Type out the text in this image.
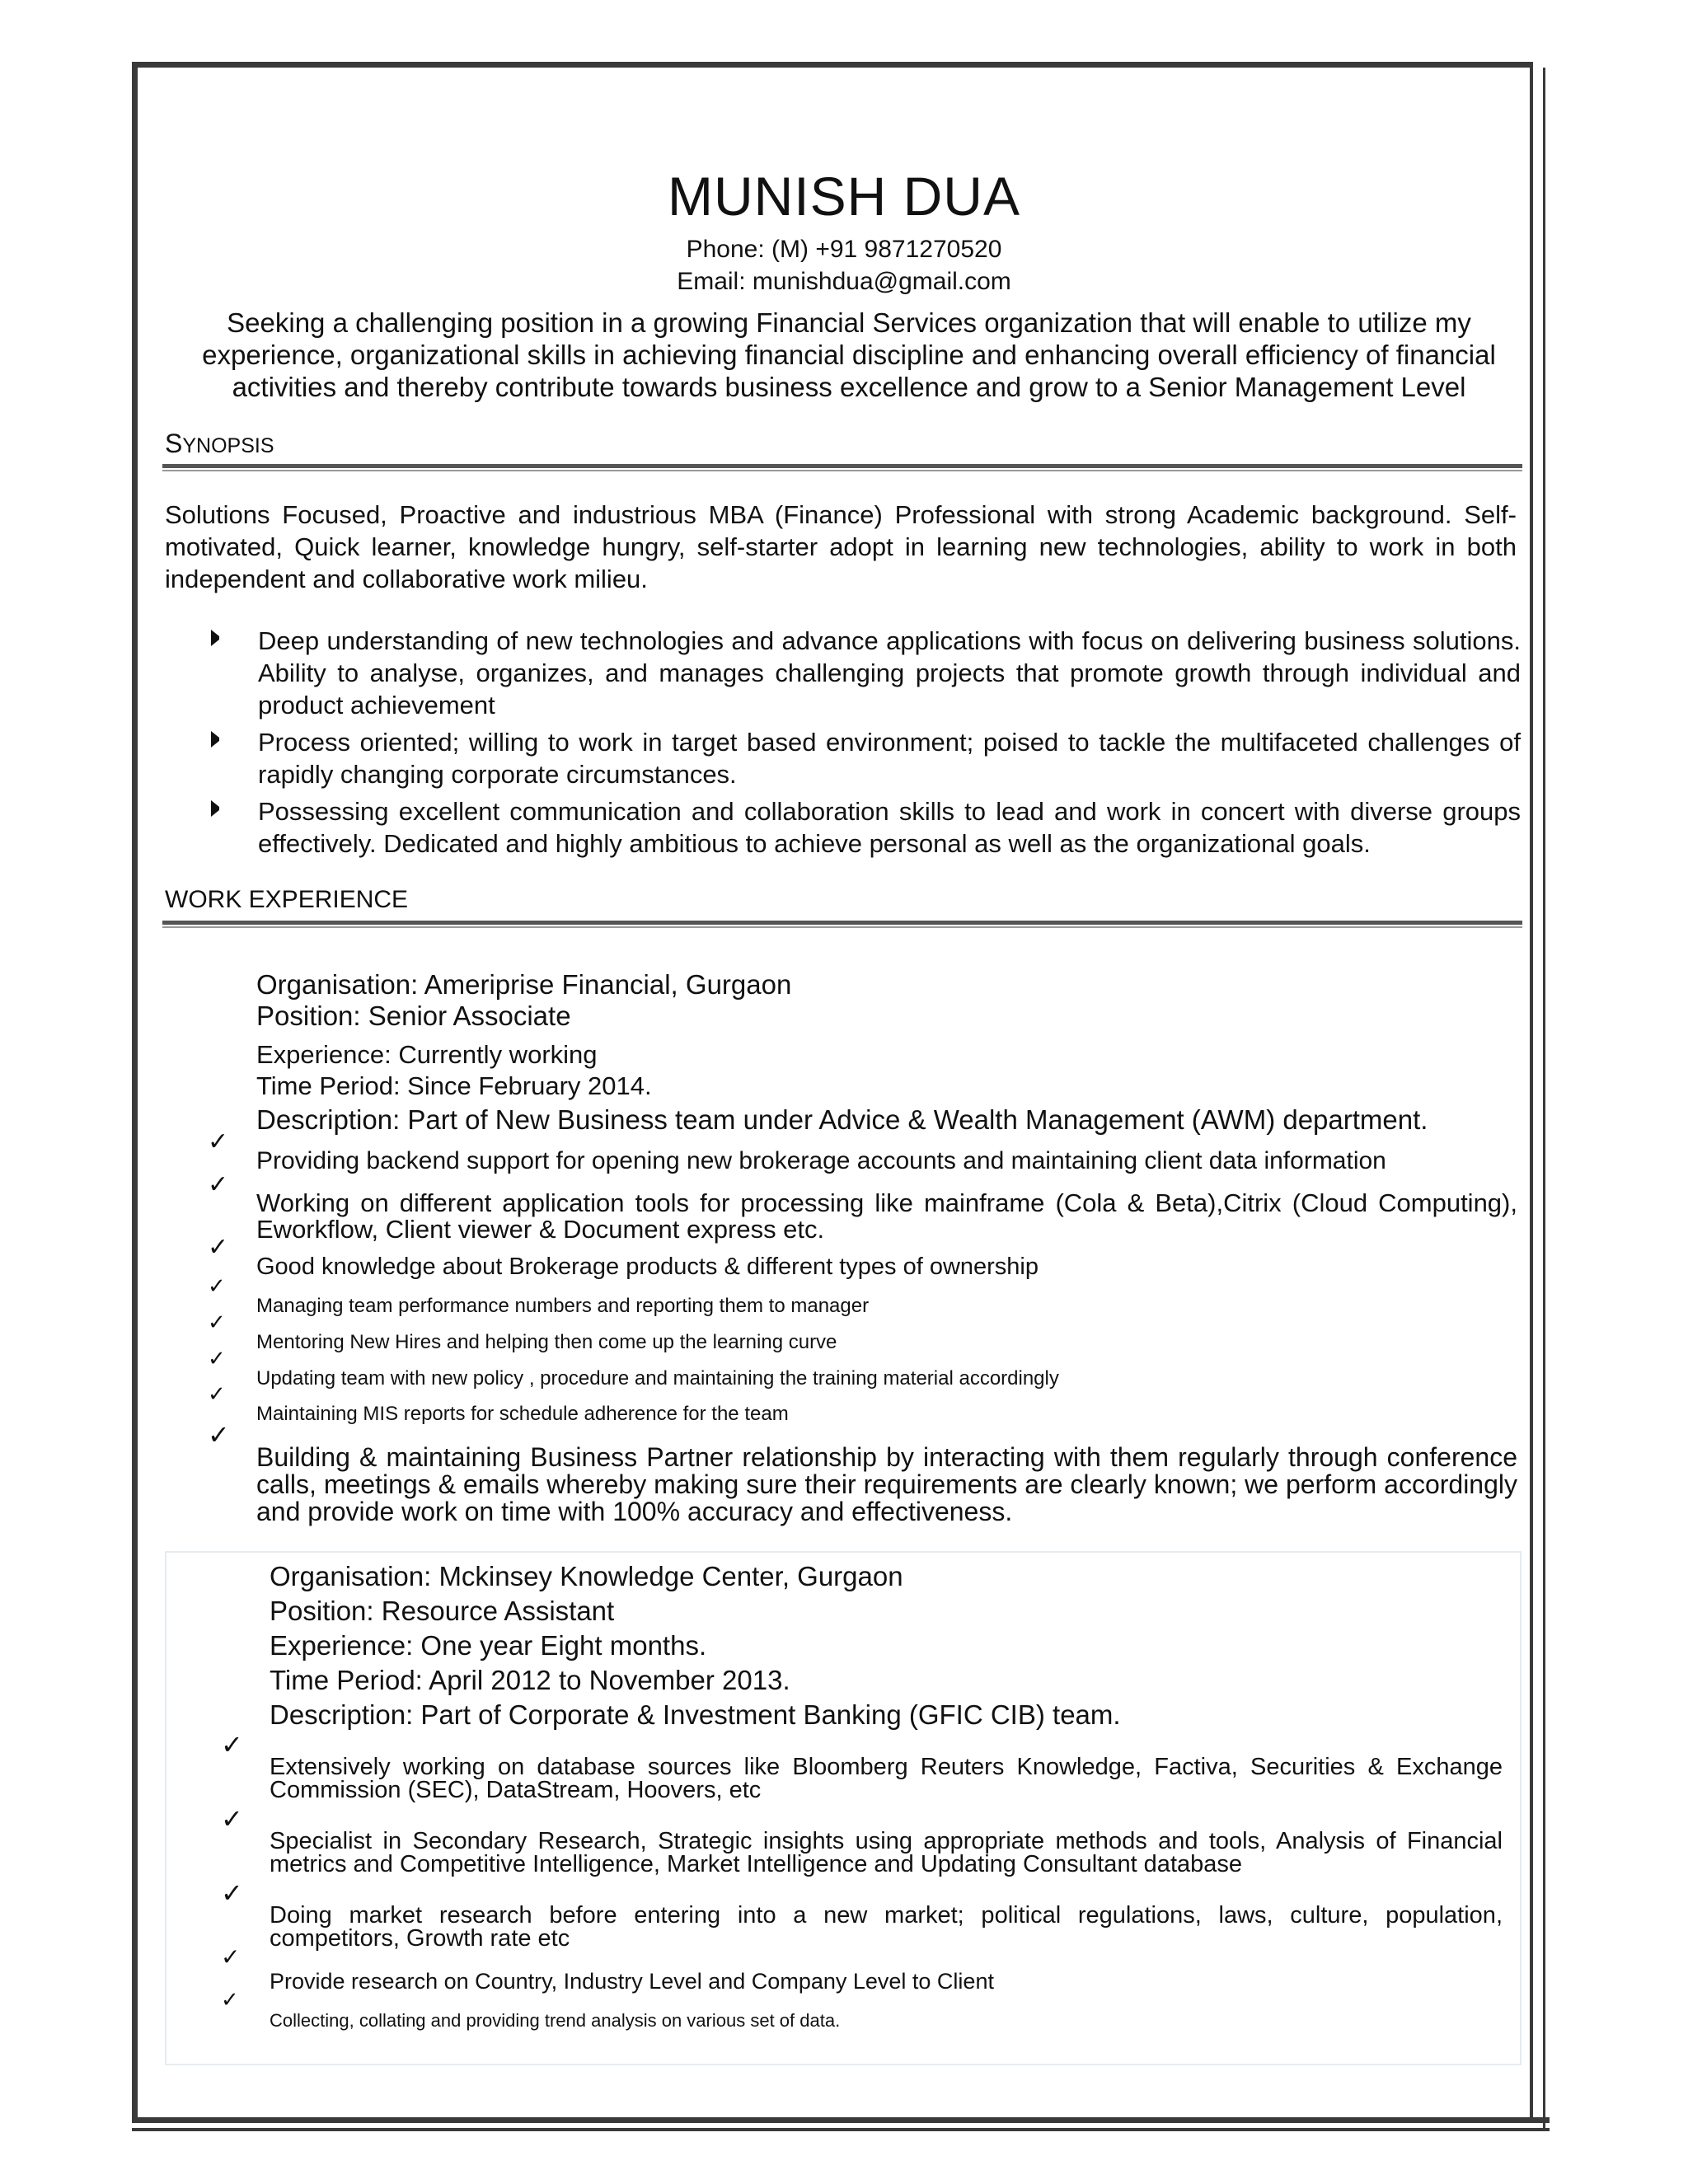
MUNISH DUA
Phone: (M) +91 9871270520
Email: munishdua@gmail.com
Seeking a challenging position in a growing Financial Services organization that will enable to utilize my experience, organizational skills in achieving financial discipline and enhancing overall efficiency of financial activities and thereby contribute towards business excellence and grow to a Senior Management Level
SYNOPSIS
Solutions Focused, Proactive and industrious MBA (Finance) Professional with strong Academic background. Self-motivated, Quick learner, knowledge hungry, self-starter adopt in learning new technologies, ability to work in both independent and collaborative work milieu.
Deep understanding of new technologies and advance applications with focus on delivering business solutions. Ability to analyse, organizes, and manages challenging projects that promote growth through individual and product achievement
Process oriented; willing to work in target based environment; poised to tackle the multifaceted challenges of rapidly changing corporate circumstances.
Possessing excellent communication and collaboration skills to lead and work in concert with diverse groups effectively. Dedicated and highly ambitious to achieve personal as well as the organizational goals.
WORK EXPERIENCE
Organisation: Ameriprise Financial, Gurgaon
Position: Senior Associate
Experience: Currently working
Time Period: Since February 2014.
Description: Part of New Business team under Advice & Wealth Management (AWM) department.
✓
Providing backend support for opening new brokerage accounts and maintaining client data information
✓
Working on different application tools for processing like mainframe (Cola & Beta),Citrix (Cloud Computing), Eworkflow, Client viewer & Document express etc.
✓
Good knowledge about Brokerage products & different types of ownership
✓
Managing team performance numbers and reporting them to manager
✓
Mentoring New Hires and helping then come up the learning curve
✓
Updating team with new policy , procedure and maintaining the training material accordingly
✓
Maintaining MIS reports for schedule adherence for the team
✓
Building & maintaining Business Partner relationship by interacting with them regularly through conference calls, meetings & emails whereby making sure their requirements are clearly known; we perform accordingly and provide work on time with 100% accuracy and effectiveness.
Organisation: Mckinsey Knowledge Center, Gurgaon
Position: Resource Assistant
Experience: One year Eight months.
Time Period: April 2012 to November 2013.
Description: Part of Corporate & Investment Banking (GFIC CIB) team.
✓
Extensively working on database sources like Bloomberg Reuters Knowledge, Factiva, Securities & Exchange Commission (SEC), DataStream, Hoovers, etc
✓
Specialist in Secondary Research, Strategic insights using appropriate methods and tools, Analysis of Financial metrics and Competitive Intelligence, Market Intelligence and Updating Consultant database
✓
Doing market research before entering into a new market; political regulations, laws, culture, population, competitors, Growth rate etc
✓
Provide research on Country, Industry Level and Company Level to Client
✓
Collecting, collating and providing trend analysis on various set of data.
